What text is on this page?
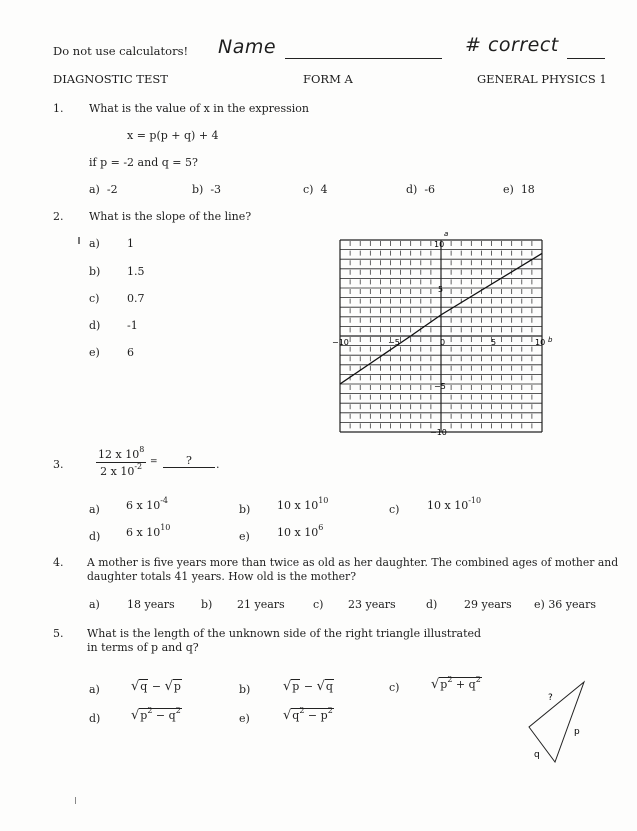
Do not use calculators! Name	# correct
DIAGNOSTIC TEST	FORM A	GENERAL PHYSICS 1
1. What is the value of x in the expression
x = p(p + q) + 4
if p = -2 and q = 5?
a) -2	b) -3	c) 4	d) -6	e) 18
2. What is the slope of the line?
a) 1
b) 1.5
c)	0.7
d) -1
e) 6
a
b
10
5
−5
−10
−10	−5	0	5	10
3.	$\frac{12 x 10^8}{2 x 10^{-2}}$ =	?	.
a) 6 x $10^{-4}$
b) 10 x $10^{10}$
c)	10 x $10^{-10}$
d) 6 x $10^{10}$
e) 10 x $10^6$
4. A mother is five years more than twice as old as her daughter. The combined ages of mother and
daughter totals 41 years. How old is the mother?
a) 18 years b) 21 years	c) 23 years	d) 29 years e) 36 years
5. What is the length of the unknown side of the right triangle illustrated
in terms of p and q?
a) √q − √p	b)	√p − √q	c) $√p^2 + q^2$
d) $√p^2 - q^2$
e)	$√q^2 - p^2$
?
p
q
